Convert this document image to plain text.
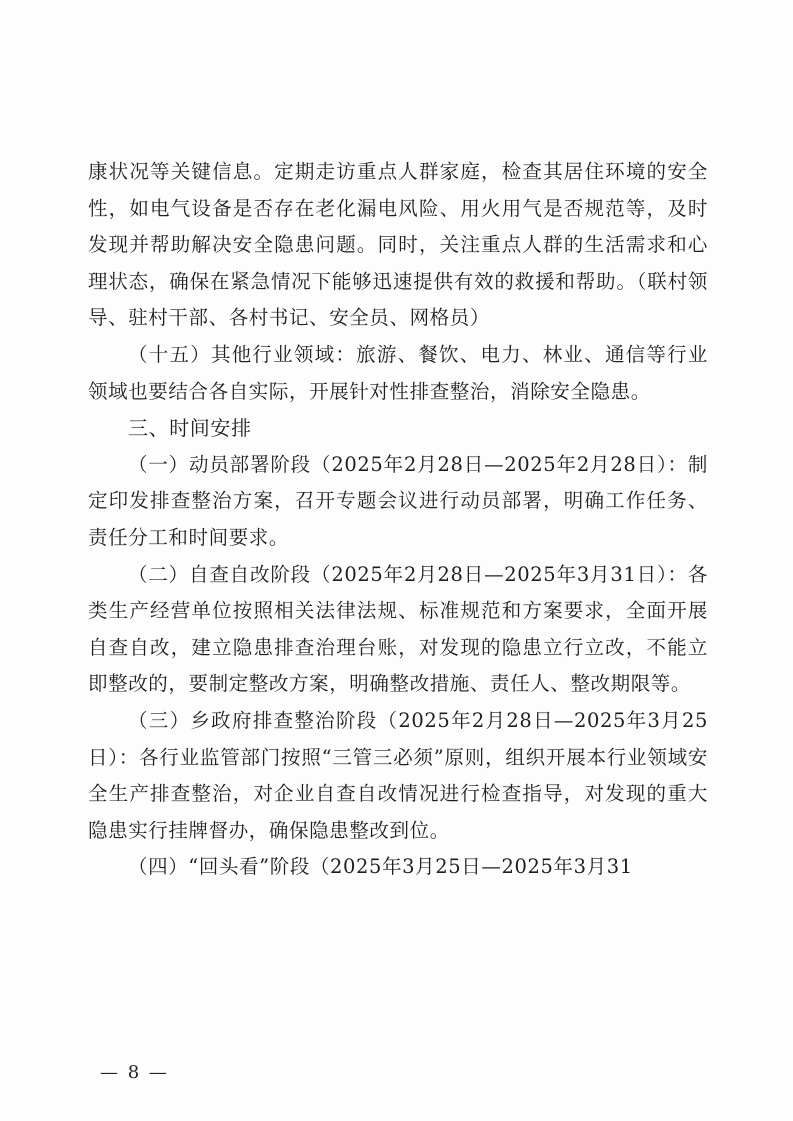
康状况等关键信息。定期走访重点人群家庭，检查其居住环境的安全性，如电气设备是否存在老化漏电风险、用火用气是否规范等，及时发现并帮助解决安全隐患问题。同时，关注重点人群的生活需求和心理状态，确保在紧急情况下能够迅速提供有效的救援和帮助。（联村领导、驻村干部、各村书记、安全员、网格员）

（十五）其他行业领域：旅游、餐饮、电力、林业、通信等行业领域也要结合各自实际，开展针对性排查整治，消除安全隐患。

三、时间安排

（一）动员部署阶段（2025年2月28日—2025年2月28日）：制定印发排查整治方案，召开专题会议进行动员部署，明确工作任务、责任分工和时间要求。

（二）自查自改阶段（2025年2月28日—2025年3月31日）：各类生产经营单位按照相关法律法规、标准规范和方案要求，全面开展自查自改，建立隐患排查治理台账，对发现的隐患立行立改，不能立即整改的，要制定整改方案，明确整改措施、责任人、整改期限等。

（三）乡政府排查整治阶段（2025年2月28日—2025年3月25日）：各行业监管部门按照“三管三必须”原则，组织开展本行业领域安全生产排查整治，对企业自查自改情况进行检查指导，对发现的重大隐患实行挂牌督办，确保隐患整改到位。

（四）“回头看”阶段（2025年3月25日—2025年3月31

— 8 —
